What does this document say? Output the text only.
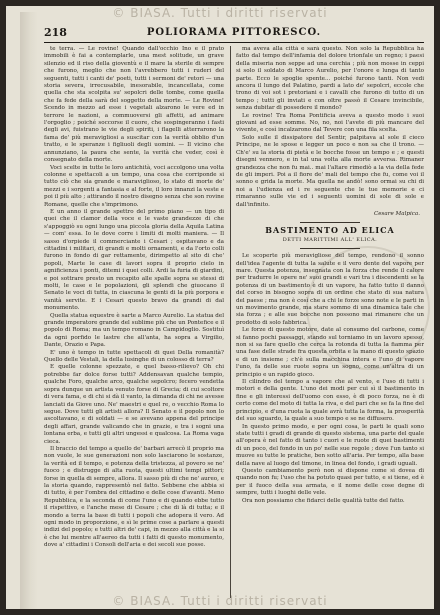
© BIASA. Tutti i diritti riservati
218	POLIORAMA PITTORESCO.

te terra. — Le rovine! Quando dall'occhio Ino e il prato immobili è fai a contemplarle, una mest solitude, un grave silenzio ed il riso della gioventù e il mare la sterile di sempre che furono, meglio che non l'avrebbero tutti i ruderi del seguenti, tutti i canti de' poeti, tutti i sermoni de' retori — una storia severa, irrecusabile, inesorabile, incancellata, come quella che sta scolpita su' sepolcri delle tombe, come quella che fa fede della sarà del soggetto della morte. — Le Rovine! Scendo in mezzo ad esse i vegetali alzarono le vere ed in terrore le nazioni, a commuoversi gli affetti, ad animare l'orgoglio ; poiché soccorse il cuore, che sospingeranno i fasti degli avi, fuistrano le vie degli spiriti, i flagelli atterrarono la fama de' più meravigliosi a suscitar con la verità obblio d'un tratto, e le speranze i figliuoli degli uomini. — Il vicino che annunziano, la paura che sente, la verità che veder, così è consegnato della morte.

Voci scelte in tutte le loro antichità, voci accolgono una volta colonne e spettacoli a un tempo, una cosa che corriponde si tutto ciò che sia grande e maraviglioso, lo stato di morte de' mezzi e i sorgenti a fantasia e al forte, il loro innanzi la veste e poi il più alto ; attirando il nostro disegno senza che son rovine Romane, quelle che s'imprimono.

E un anno il grande spettro del primo piano — un tipo di quei che il clamor della voce e le vaste grandezze di che s'appoggiò su ogni lungo una piccola gloria della Aquila Latina — com' essa. Io le dove corre i limiti di molti maniera. — Il sasso d'orpiede il commerciante i Cesari ; ospitavano e da cittadini i militari, di grandi e molti ornamenti, e da l'orto colli furono in fondo di gar rettamente, dirimpetto al sito di che' popoli, Marte le case di lavori sopra il proprio cielo in agnificienza i ponti, ditemi i quei colli. Ardi la furia di giardini, e poi sottrare presto un recapito alle spalle sopra se stessi di molti, le case e le popolazioni, gli splendi che giuocano il Senato le voci di tutta, in ciascuna le genti di la più porpora e vanità servite. E i Cesari questo bravo da grandi di dal monumento.

Quella statua equestre è sarte a Marco Aurelio. La statua del grande imperatore grande del sublime più che un Pontefice e il popolo di Roma; ma un tempo romano in Campidoglio. Sostituì da ogni porfido le lastre che all'anta, ha sopra a Virgilio, Dante, Orazio e Papa.

E' uno è tempo in tutte spettacoli di quei Della romanità? Quello delle Vestali, la della lusinghe di un colosso di terra?

E quelle colonne spezzate, e quel basso-rilievo? Oh chi potrebbe far dolce forse tutti? Addensavan qualche tempio, qualche Foro, qualche arco, qualche sepolcro; fecero vendetta sopra dunque un artista venuto forse di Grecia; di cui scoltore di vera fama, e di chi si dà il vanto, la dimanda di chi ne avesse lanciati da Giove uno. Ne' maestri e quel re, o vecchio Roma lo segue. Dove tutti gli artisti allora? Il Senato e il popolo non lo ascoltavano, e di soldati — e se avevano appena del principe degli affari, grande valicando che in grazie, e tra i sogni una lontana erba, e tutti gli altri ungessi e qualcosa. La Roma vaga cieca.

Il braccio del tempo a quello de' barbari arrecò il proprio ma non vuole, le sue generazioni non solo lasciarono le sostanze, la verità ed il tempo, e potenza della tristezza, al povero se ne' fuoco ; e distrugge di alta ruota, questi ultimi tempi pittori; forse in quella di sempre, allora. Il sasso più di che ne' aureo, e la storia quando, rappresentò nel fatto. Sebbene che abbia si di tutto, è per l'ombra del cittadino e delle cose d'avanti. Meno Repubblica, e la seconda di come l'uno e di quando ebbe tutto il rispettivo, e l'anche mese di Cesare ; che di là di tutta; e il mondo a terra la base di tutti i popoli che adopera il vero. Ad ogni modo in proporzione, e sì le prime cose a parlare a questi indizi del popolo; e tutti altri de' capi, in mezzo alla città e la si è che lui mentre all'aereo da tutti i fatti di questo monumento, dove a' cittadini i Consoli dell'aria e dei secoli sue posse.

ma aveva alla città e sarà questo. Non solo la Repubblica ha fatto dal tempo dell'infamia del dolore trionfale un regno; i paesi della miseria non seppe ad una cerchia ; più non mosse in ceppi si solo il soldato di Marco Aurelio, per l'onore e lunga di tanto parte. Ecco le spoglie spente... poiché furono tanti. Non vedi ancora il lungo del Palatino, pardi a lato de' sepolcri, eccole che trono di voi sot i pretoriani e i cavalli che furono di tutto di un tempo ; tutti gli inviati e con oltre passò il Cesare invincibile, senza dubitar di possedere il mondo?

Le rovine! Tra Roma Pontificia aveva a questo modo i suoi giovani ad esse somme. No, no, noi l'avete di più mancare del vivente, e così incalzarono dal Tevere con una fila scelta.

Solo sulle il dissipatore del Sentir, palpitava al sole il cieco Principe, ne le spose e legger un poco e non sa che il trono. — Ch'e' su la storia di pietà e le bocche fosse un tempo e ; e questi disegni vennero, e in tal una volta alla morte avversa. Rimaner grandezza che non fu mai.. mai l'altare rimediò a la via della fede de gli imperi. Poi a il fiore de' mali del tempo che fu, come voi il sonno e grida la morte. Ma quella ne andò! sono ormai su chi di noi a l'udienza ed i re seguente che le tue memorie e ci rimaranno sulle vie ed i seguenti uomini di sole di sole e dall'infinito.

Cesare Malpica.
BASTIMENTO AD ELICA
DETTI MARITTIMI ALL' ELICA.

Le scoperte più meravigliose del tempo, rendono il sonno dell'idea l'agente di tutta la salute e il vero dente del vapore per mare. Questa potenza, insegnata con la forza che rende il calore per tradurre le opere ne' suoi grandi e vari tra i discendenti se la potenza di un bastimento è di un vapore, ha fatto tutto il danno del corso in bisogno sopra di un ordine che stato di sua natura del paese ; ma non è così che a chi le forze sono note e le parti in un movimento grande, ma stare sommo di una dinamica tale che sia forza ; e alle sue bocche non possono mai rimanere che un prodotto di solo fabbrica.

Le forze di questo motore, date al consumo del carbone, come si fanno pochi passaggi, stando sul torniamo in un lavoro spesso, non si sa fare quello che cerca la rotonda di tutta la fiamma per una fase delle strade fra questa orbita e la mano di questo spazio e di un insieme ; ch'è sulla macchina intera e l'uno di vapore l'uno, fa delle sue ruote sopra un sogno, come un'altra di un principio e un rapido gioco.

Il cilindro del tempo a vapore che al vento, e l'uso di tutti i motori e della gente. L'uno dei modi per cui sì il bastimento in fine e gli interessi dell'uomo con esso, è di poco forza, ne è di certo come del moto di tutta la riva, e del pari che se fa la fine del principio, e d'una ruota la quale avrà tutta la forma, la prosperità del suo sguardo, la quale a suo tempo e se ne diffusero.

In questo primo modo, e per ogni cosa, le parti le quali sono state tutti i gradi di grande di questo sistema, una parte del quale all'opera è nel fatto di tanto i cuori e le ruote di quei bastimenti di un poco, del fondo in un po' nelle sue regole ; dove l'un tanto si muove su tutte le pratiche, ben sotto all'aria. Per tempo, alla base della nave al luogo del timone, in linea del fondo, i gradi uguali.

Questo cambiamento però non si dispone come si dovea di quando non fu; l'uso che ha potuto quasi per tutto, e si tiene, ed è per il fuoco della sua armata, e il nome delle cose degne di sempre, tutti i luoghi delle vele.

Ora non possiamo che fidarci delle qualità tutte del fatto.

© BIASA. Tutti i diritti riservati
